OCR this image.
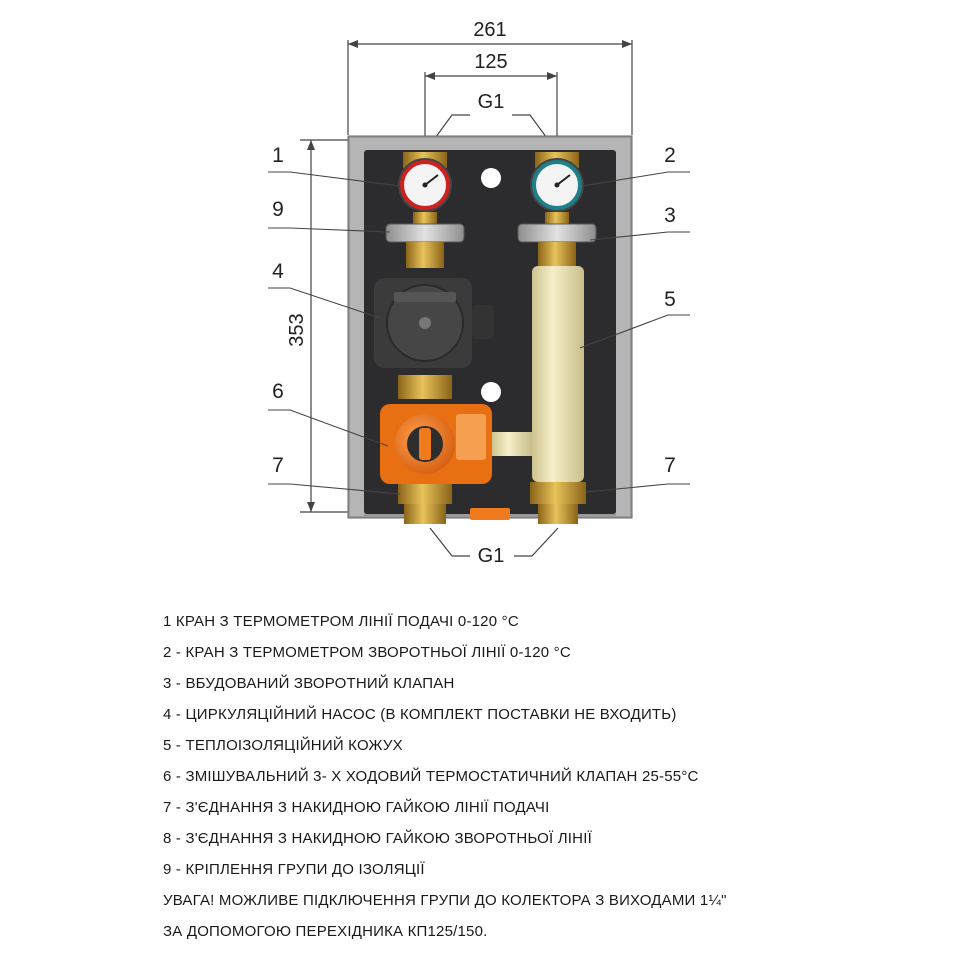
261
125
353
G1
G1
1
9
4
6
7
2
3
5
7
1 КРАН З ТЕРМОМЕТРОМ ЛІНІЇ ПОДАЧІ 0-120 °С
2 - КРАН З ТЕРМОМЕТРОМ ЗВОРОТНЬОЇ ЛІНІЇ 0-120 °С
3 - ВБУДОВАНИЙ ЗВОРОТНИЙ КЛАПАН
4 - ЦИРКУЛЯЦІЙНИЙ НАСОС (В КОМПЛЕКТ ПОСТАВКИ НЕ ВХОДИТЬ)
5 - ТЕПЛОІЗОЛЯЦІЙНИЙ КОЖУХ
6 - ЗМІШУВАЛЬНИЙ 3- Х ХОДОВИЙ ТЕРМОСТАТИЧНИЙ КЛАПАН 25-55°С
7 - З'ЄДНАННЯ З НАКИДНОЮ ГАЙКОЮ ЛІНІЇ ПОДАЧІ
8 - З'ЄДНАННЯ З НАКИДНОЮ ГАЙКОЮ ЗВОРОТНЬОЇ ЛІНІЇ
9 - КРІПЛЕННЯ ГРУПИ ДО ІЗОЛЯЦІЇ
УВАГА! МОЖЛИВЕ ПІДКЛЮЧЕННЯ ГРУПИ ДО КОЛЕКТОРА З ВИХОДАМИ 1¼"
ЗА ДОПОМОГОЮ ПЕРЕХІДНИКА КП125/150.
